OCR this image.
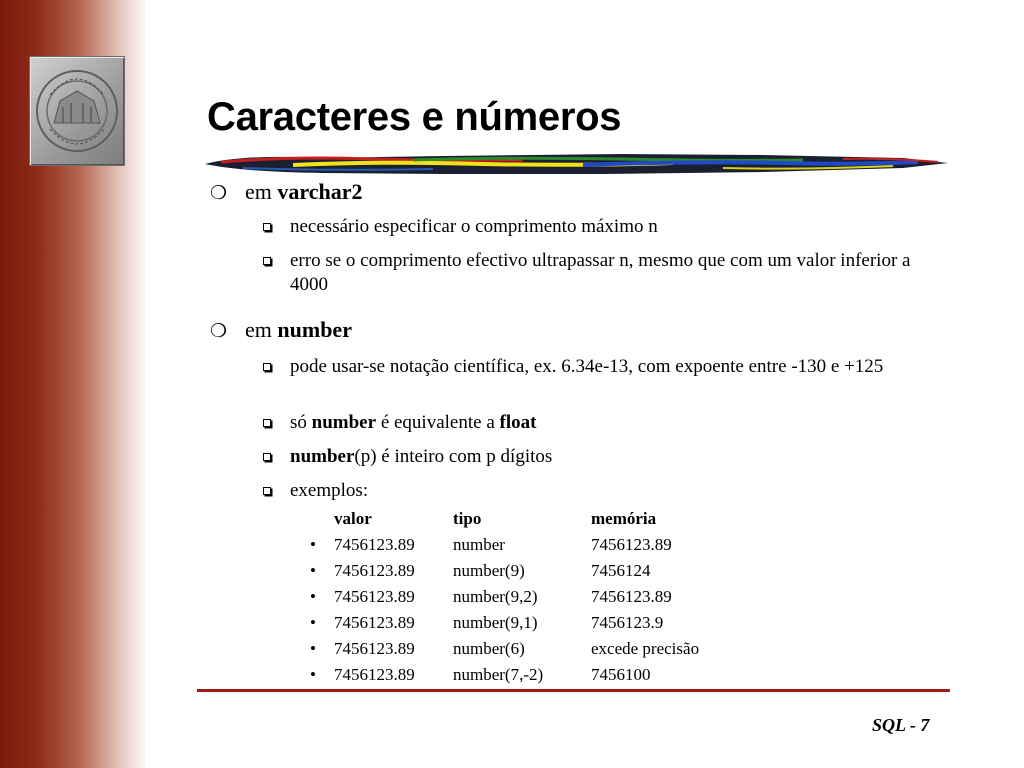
Caracteres e números
❍ em varchar2
necessário especificar o comprimento máximo n
erro se o comprimento efectivo ultrapassar n, mesmo que com um valor inferior a 4000
❍ em number
pode usar-se notação científica, ex. 6.34e-13, com expoente entre -130 e +125
só number é equivalente a float
number(p) é inteiro com p dígitos
exemplos:
valor	tipo	memória
• 7456123.89 number	7456123.89
• 7456123.89 number(9)	7456124
• 7456123.89 number(9,2)	7456123.89
• 7456123.89 number(9,1)	7456123.9
• 7456123.89 number(6)	excede precisão
• 7456123.89 number(7,-2)	7456100
SQL - 7
